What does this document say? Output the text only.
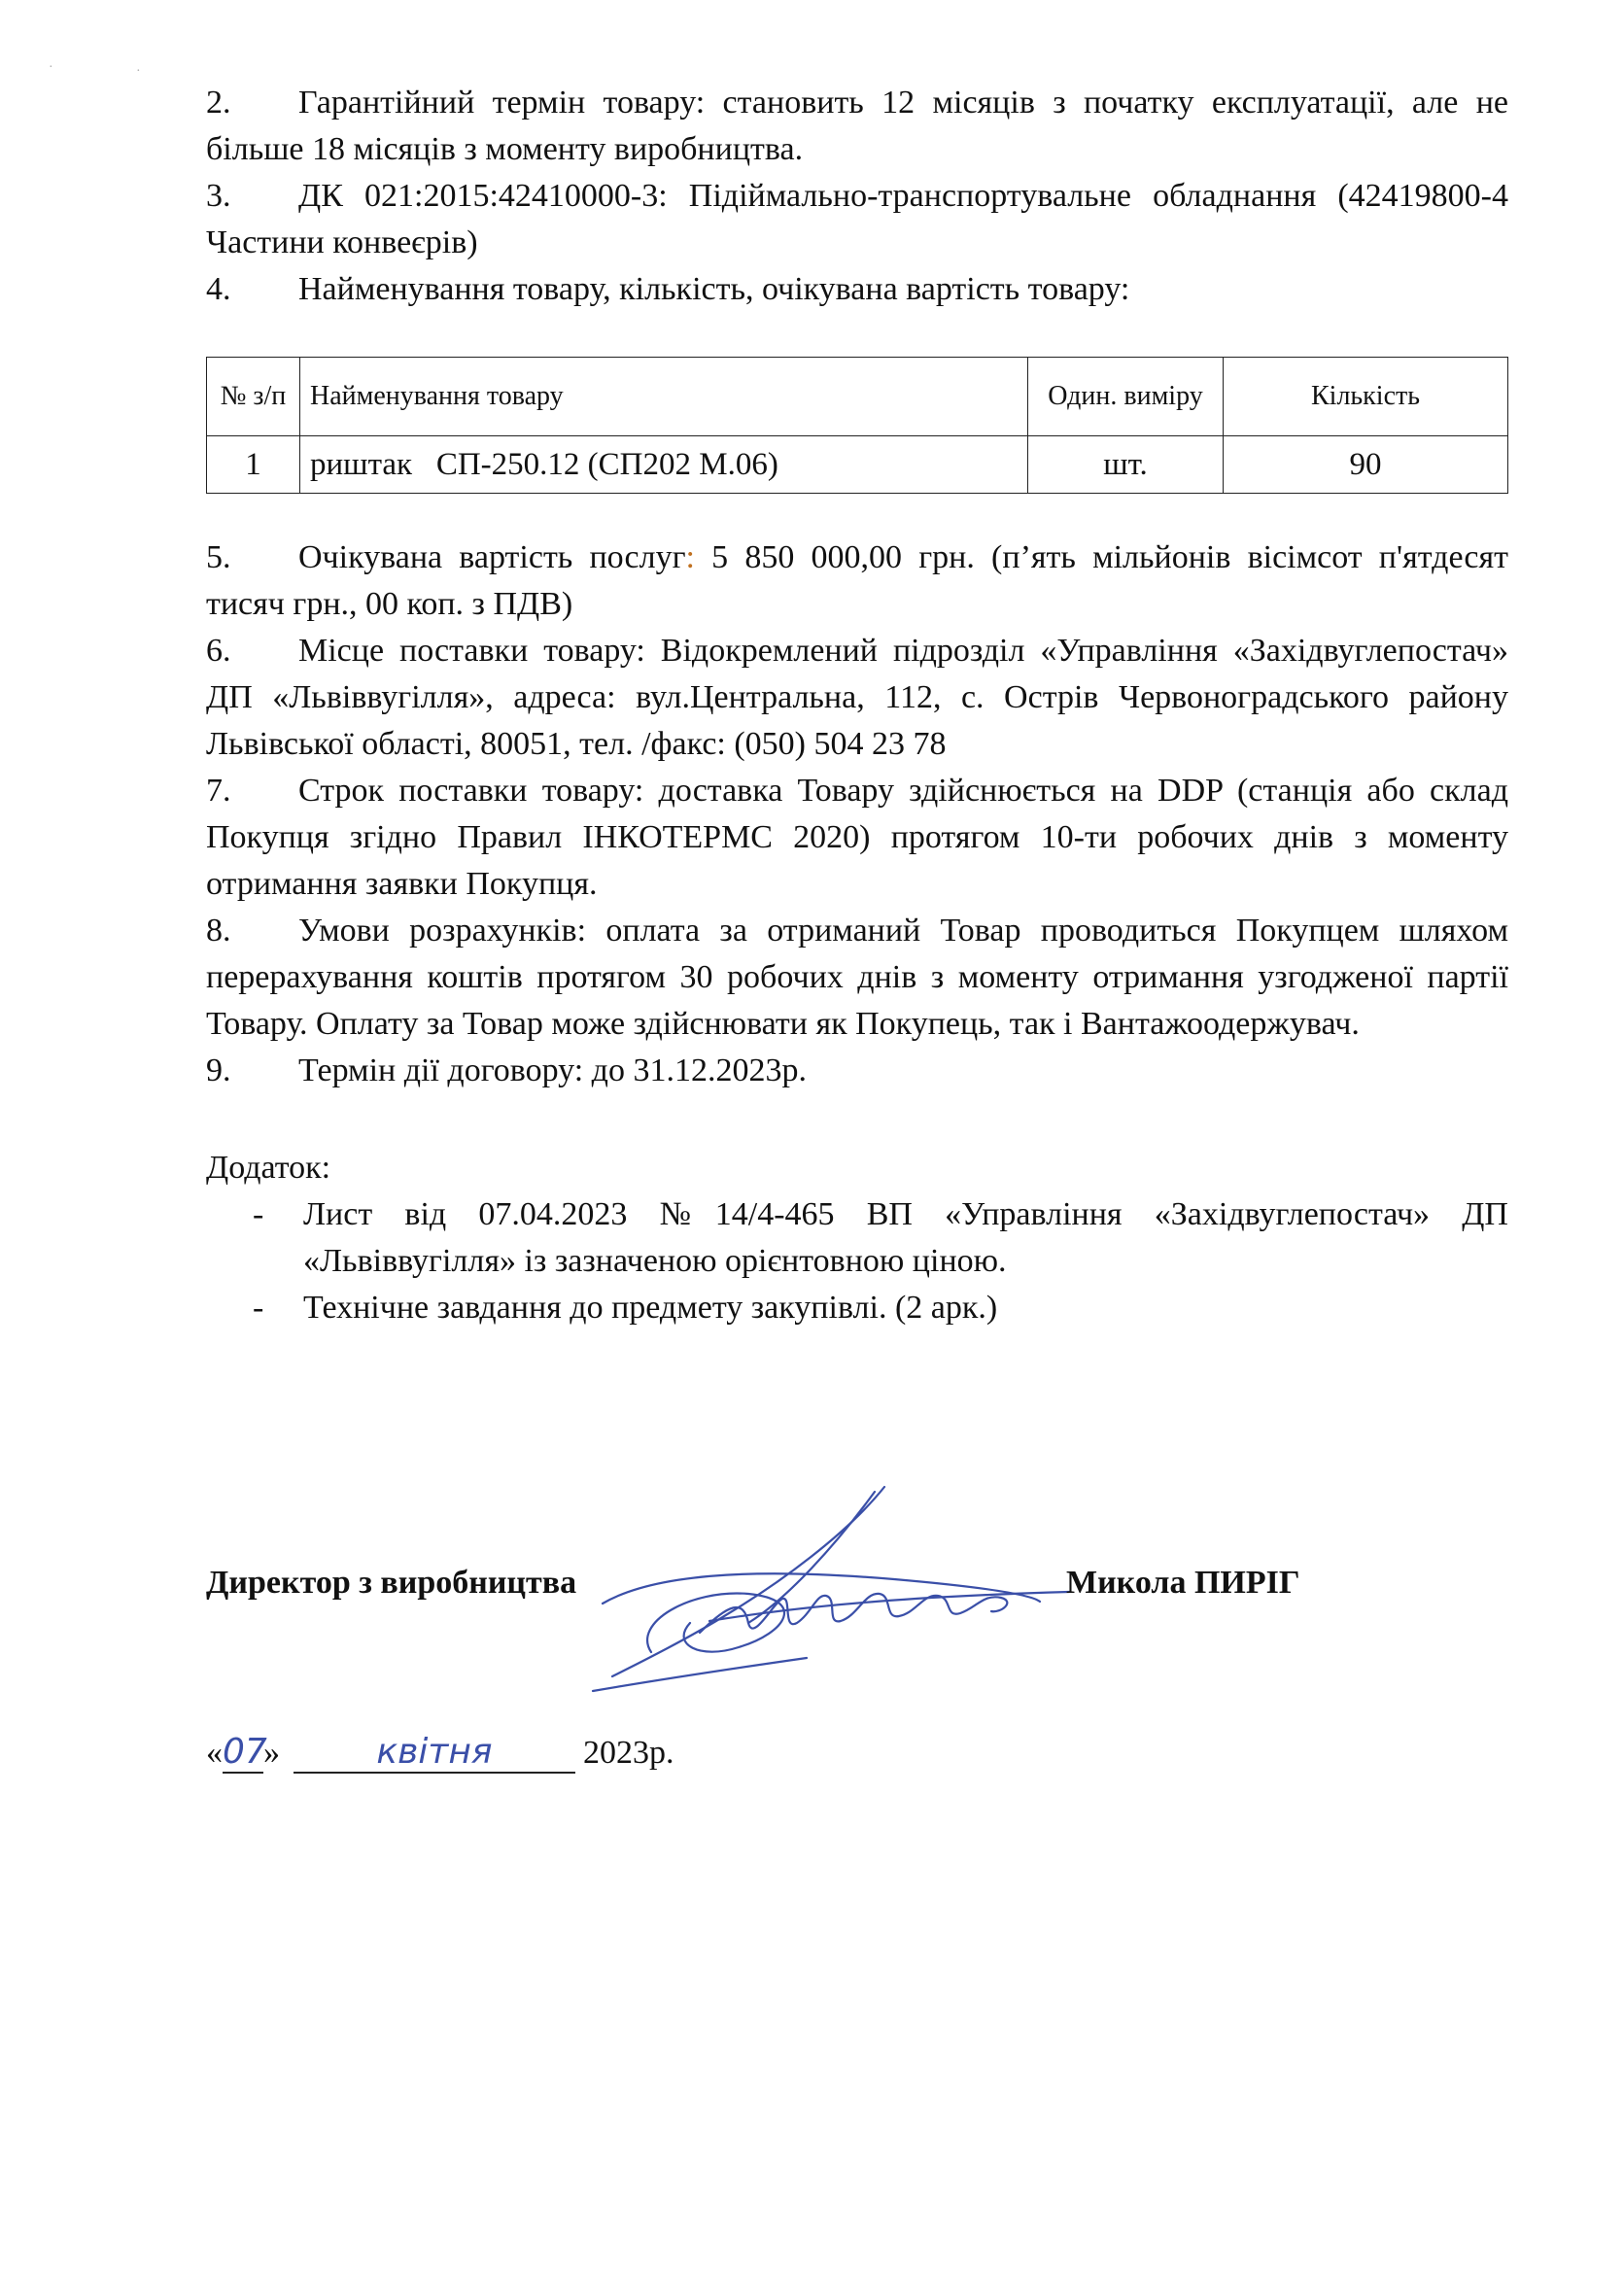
·	·

2. Гарантійний термін товару: становить 12 місяців з початку експлуатації, але не більше 18 місяців з моменту виробництва.

3. ДК 021:2015:42410000-3: Підіймально-транспортувальне обладнання (42419800-4 Частини конвеєрів)

4. Найменування товару, кількість, очікувана вартість товару:

№ з/п	Найменування товару	Один. виміру	Кількість
1	риштак   СП-250.12 (СП202 М.06)	шт.	90

5. Очікувана вартість послуг: 5 850 000,00 грн. (п’ять мільйонів вісімсот п'ятдесят тисяч грн., 00 коп. з ПДВ)

6. Місце поставки товару: Відокремлений підрозділ «Управління «Західвуглепостач» ДП «Львіввугілля», адреса: вул.Центральна, 112, с. Острів Червоноградського району Львівської області, 80051, тел. /факс: (050) 504 23 78

7. Строк поставки товару: доставка Товару здійснюється на DDP (станція або склад Покупця згідно Правил ІНКОТЕРМС 2020) протягом 10-ти робочих днів з моменту отримання заявки Покупця.

8. Умови розрахунків: оплата за отриманий Товар проводиться Покупцем шляхом перерахування коштів протягом 30 робочих днів з моменту отримання узгодженої партії Товару. Оплату за Товар може здійснювати як Покупець, так і Вантажоодержувач.

9. Термін дії договору: до 31.12.2023р.

Додаток:

- Лист від 07.04.2023 №14/4-465 ВП «Управління «Західвуглепостач» ДП «Львіввугілля» із зазначеною орієнтовною ціною.
- Технічне завдання до предмету закупівлі. (2 арк.)
Директор з виробництва	Микола ПИРІГ
«07»	квітня	2023р.
